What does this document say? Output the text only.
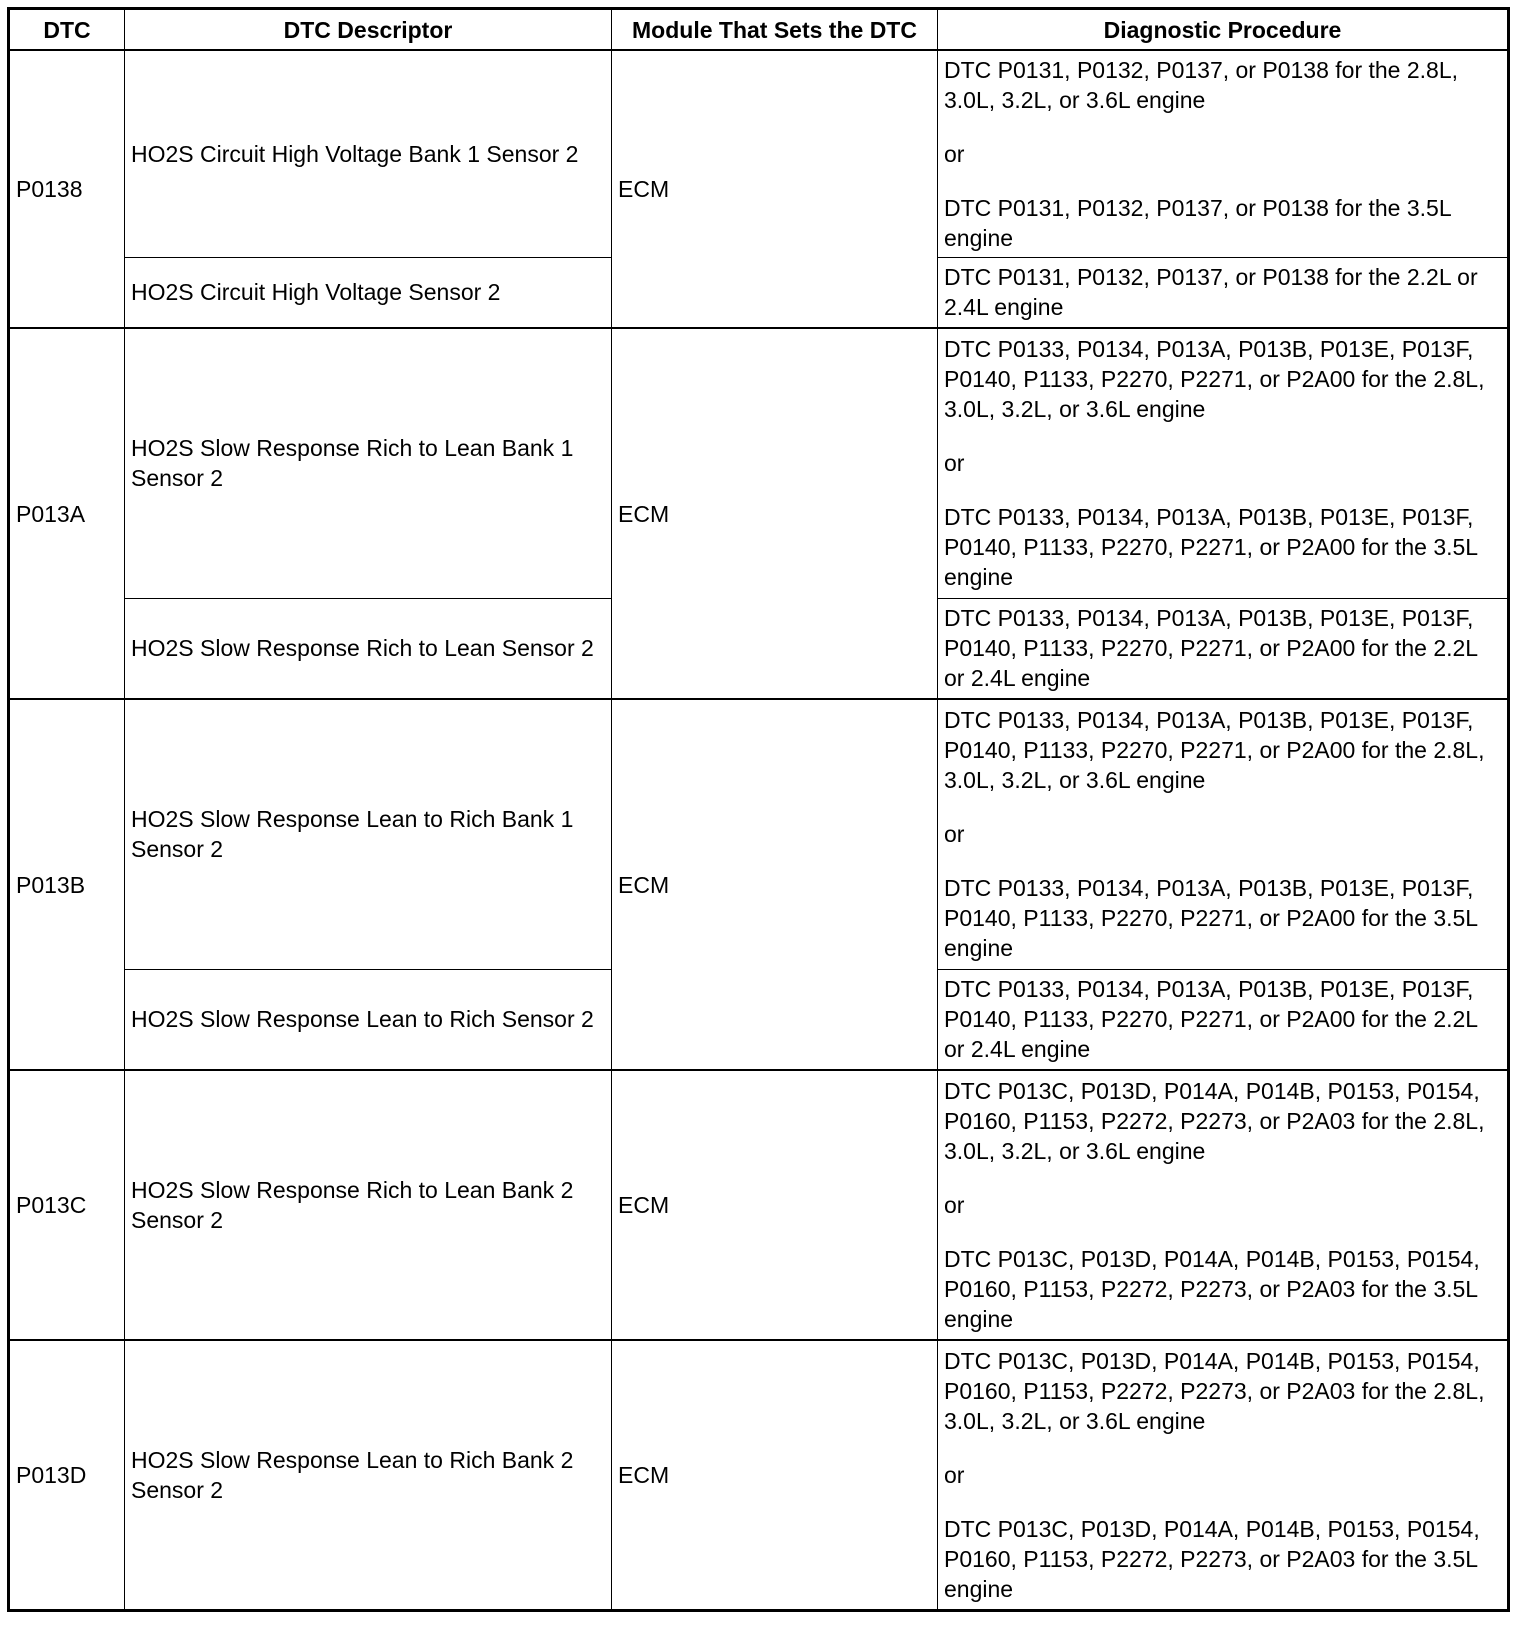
DTC	DTC Descriptor	Module That Sets the DTC	Diagnostic Procedure
P0138	HO2S Circuit High Voltage Bank 1 Sensor 2	ECM	DTC P0131, P0132, P0137, or P0138 for the 2.8L, 3.0L, 3.2L, or 3.6L engine

or

DTC P0131, P0132, P0137, or P0138 for the 3.5L engine

	HO2S Circuit High Voltage Sensor 2		DTC P0131, P0132, P0137, or P0138 for the 2.2L or 2.4L engine

P013A	HO2S Slow Response Rich to Lean Bank 1 Sensor 2	ECM	DTC P0133, P0134, P013A, P013B, P013E, P013F, P0140, P1133, P2270, P2271, or P2A00 for the 2.8L, 3.0L, 3.2L, or 3.6L engine

or

DTC P0133, P0134, P013A, P013B, P013E, P013F, P0140, P1133, P2270, P2271, or P2A00 for the 3.5L engine

	HO2S Slow Response Rich to Lean Sensor 2		DTC P0133, P0134, P013A, P013B, P013E, P013F, P0140, P1133, P2270, P2271, or P2A00 for the 2.2L or 2.4L engine

P013B	HO2S Slow Response Lean to Rich Bank 1 Sensor 2	ECM	DTC P0133, P0134, P013A, P013B, P013E, P013F, P0140, P1133, P2270, P2271, or P2A00 for the 2.8L, 3.0L, 3.2L, or 3.6L engine

or

DTC P0133, P0134, P013A, P013B, P013E, P013F, P0140, P1133, P2270, P2271, or P2A00 for the 3.5L engine

	HO2S Slow Response Lean to Rich Sensor 2		DTC P0133, P0134, P013A, P013B, P013E, P013F, P0140, P1133, P2270, P2271, or P2A00 for the 2.2L or 2.4L engine

P013C	HO2S Slow Response Rich to Lean Bank 2 Sensor 2	ECM	DTC P013C, P013D, P014A, P014B, P0153, P0154, P0160, P1153, P2272, P2273, or P2A03 for the 2.8L, 3.0L, 3.2L, or 3.6L engine

or

DTC P013C, P013D, P014A, P014B, P0153, P0154, P0160, P1153, P2272, P2273, or P2A03 for the 3.5L engine

P013D	HO2S Slow Response Lean to Rich Bank 2 Sensor 2	ECM	DTC P013C, P013D, P014A, P014B, P0153, P0154, P0160, P1153, P2272, P2273, or P2A03 for the 2.8L, 3.0L, 3.2L, or 3.6L engine

or

DTC P013C, P013D, P014A, P014B, P0153, P0154, P0160, P1153, P2272, P2273, or P2A03 for the 3.5L engine
